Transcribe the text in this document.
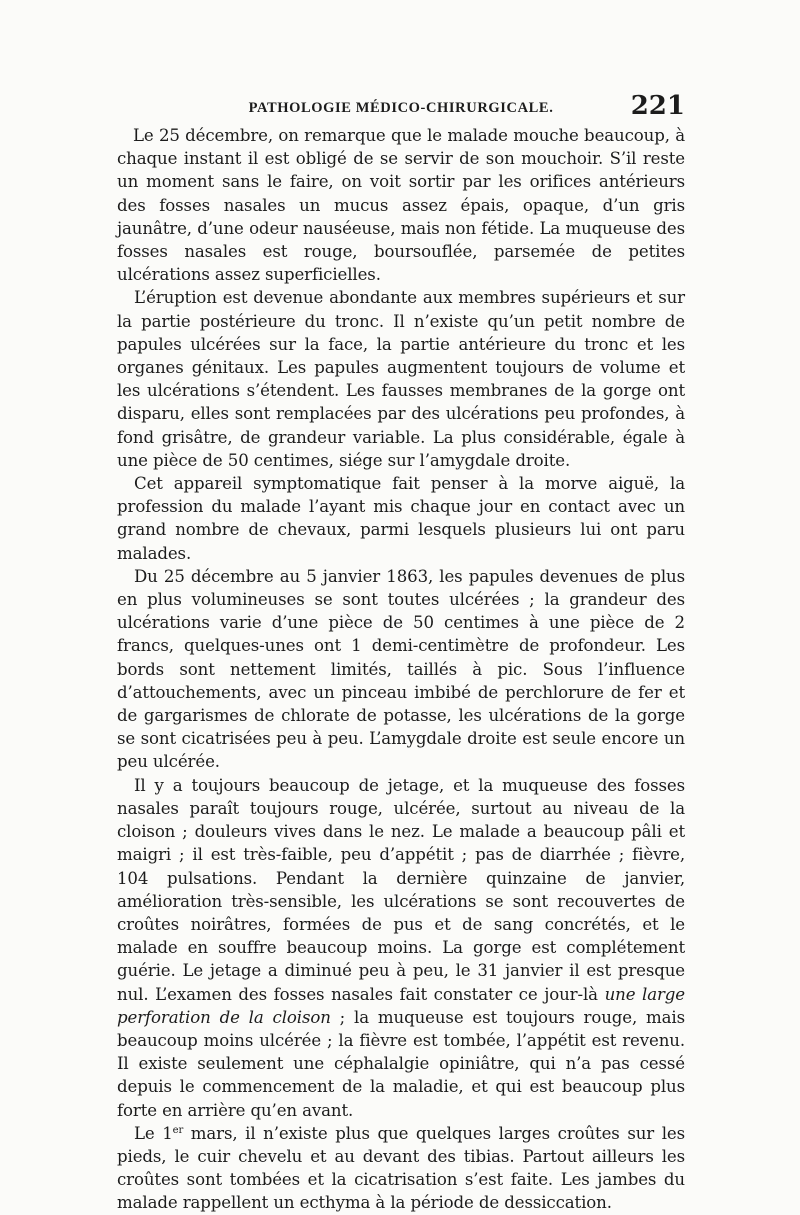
PATHOLOGIE MÉDICO-CHIRURGICALE.	221

Le 25 décembre, on remarque que le malade mouche beaucoup, à chaque instant il est obligé de se servir de son mouchoir. S’il reste un moment sans le faire, on voit sortir par les orifices antérieurs des fosses nasales un mucus assez épais, opaque, d’un gris jaunâtre, d’une odeur nauséeuse, mais non fétide. La muqueuse des fosses nasales est rouge, boursouflée, parsemée de petites ulcérations assez superficielles.

L’éruption est devenue abondante aux membres supérieurs et sur la partie postérieure du tronc. Il n’existe qu’un petit nombre de papules ulcérées sur la face, la partie antérieure du tronc et les organes génitaux. Les papules augmentent toujours de volume et les ulcérations s’étendent. Les fausses membranes de la gorge ont disparu, elles sont remplacées par des ulcérations peu profondes, à fond grisâtre, de grandeur variable. La plus considérable, égale à une pièce de 50 centimes, siége sur l’amygdale droite.

Cet appareil symptomatique fait penser à la morve aiguë, la profession du malade l’ayant mis chaque jour en contact avec un grand nombre de chevaux, parmi lesquels plusieurs lui ont paru malades.

Du 25 décembre au 5 janvier 1863, les papules devenues de plus en plus volumineuses se sont toutes ulcérées ; la grandeur des ulcérations varie d’une pièce de 50 centimes à une pièce de 2 francs, quelques-unes ont 1 demi-centimètre de profondeur. Les bords sont nettement limités, taillés à pic. Sous l’influence d’attouchements, avec un pinceau imbibé de perchlorure de fer et de gargarismes de chlorate de potasse, les ulcérations de la gorge se sont cicatrisées peu à peu. L’amygdale droite est seule encore un peu ulcérée.

Il y a toujours beaucoup de jetage, et la muqueuse des fosses nasales paraît toujours rouge, ulcérée, surtout au niveau de la cloison ; douleurs vives dans le nez. Le malade a beaucoup pâli et maigri ; il est très-faible, peu d’appétit ; pas de diarrhée ; fièvre, 104 pulsations. Pendant la dernière quinzaine de janvier, amélioration très-sensible, les ulcérations se sont recouvertes de croûtes noirâtres, formées de pus et de sang concrétés, et le malade en souffre beaucoup moins. La gorge est complétement guérie. Le jetage a diminué peu à peu, le 31 janvier il est presque nul. L’examen des fosses nasales fait constater ce jour-là une large perforation de la cloison ; la muqueuse est toujours rouge, mais beaucoup moins ulcérée ; la fièvre est tombée, l’appétit est revenu. Il existe seulement une céphalalgie opiniâtre, qui n’a pas cessé depuis le commencement de la maladie, et qui est beaucoup plus forte en arrière qu’en avant.

Le 1er mars, il n’existe plus que quelques larges croûtes sur les pieds, le cuir chevelu et au devant des tibias. Partout ailleurs les croûtes sont tombées et la cicatrisation s’est faite. Les jambes du malade rappellent un ecthyma à la période de dessiccation.
